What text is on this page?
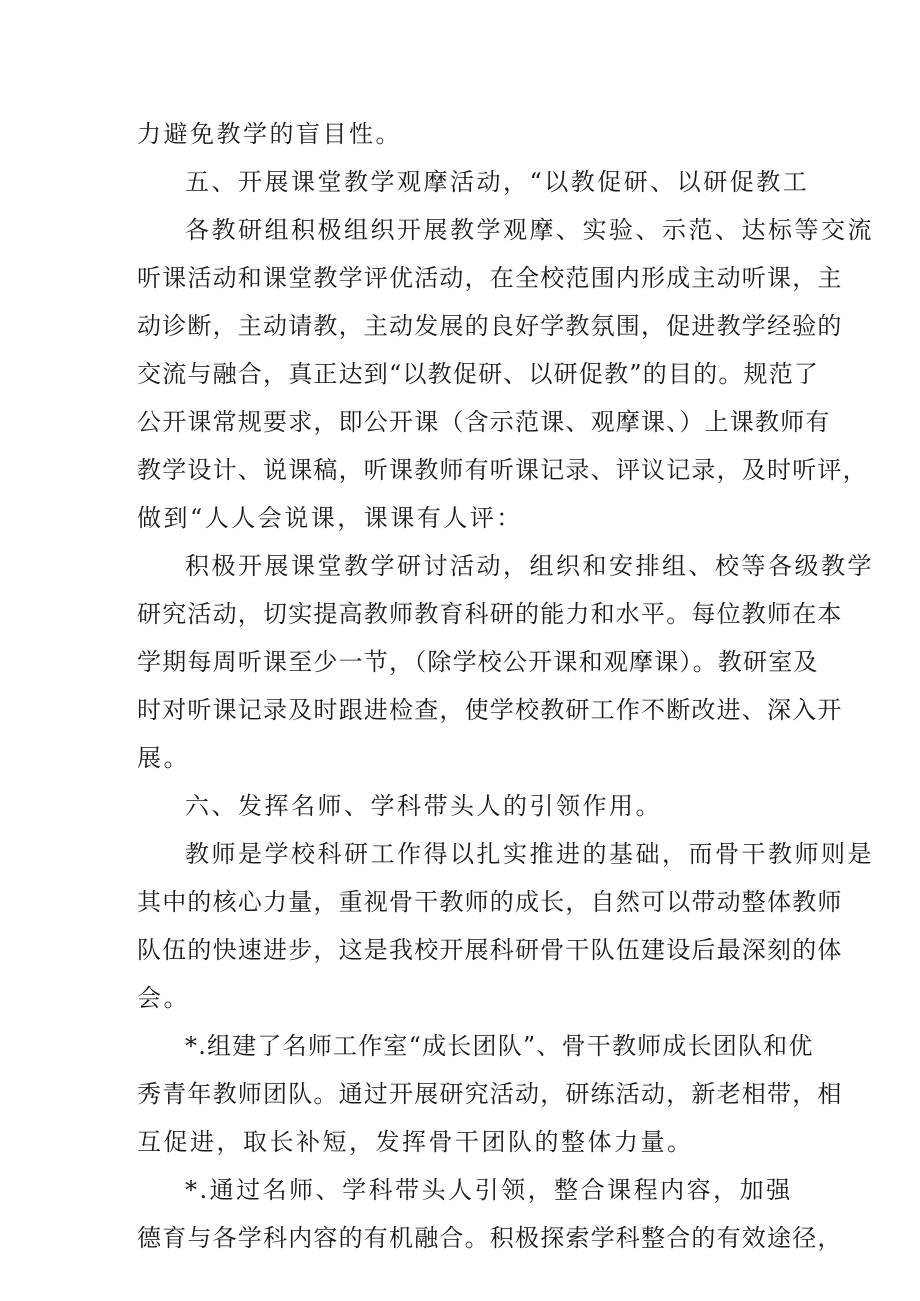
力避免教学的盲目性。
五、开展课堂教学观摩活动，“以教促研、以研促教工
各教研组积极组织开展教学观摩、实验、示范、达标等交流
听课活动和课堂教学评优活动，在全校范围内形成主动听课，主
动诊断，主动请教，主动发展的良好学教氛围，促进教学经验的
交流与融合，真正达到“以教促研、以研促教”的目的。规范了
公开课常规要求，即公开课（含示范课、观摩课、）上课教师有
教学设计、说课稿，听课教师有听课记录、评议记录，及时听评，
做到“人人会说课，课课有人评：
积极开展课堂教学研讨活动，组织和安排组、校等各级教学
研究活动，切实提高教师教育科研的能力和水平。每位教师在本
学期每周听课至少一节，（除学校公开课和观摩课）。教研室及
时对听课记录及时跟进检查，使学校教研工作不断改进、深入开
展。
六、发挥名师、学科带头人的引领作用。
教师是学校科研工作得以扎实推进的基础，而骨干教师则是
其中的核心力量，重视骨干教师的成长，自然可以带动整体教师
队伍的快速进步，这是我校开展科研骨干队伍建设后最深刻的体
会。
*.组建了名师工作室“成长团队”、骨干教师成长团队和优
秀青年教师团队。通过开展研究活动，研练活动，新老相带，相
互促进，取长补短，发挥骨干团队的整体力量。
*.通过名师、学科带头人引领，整合课程内容，加强
德育与各学科内容的有机融合。积极探索学科整合的有效途径，
